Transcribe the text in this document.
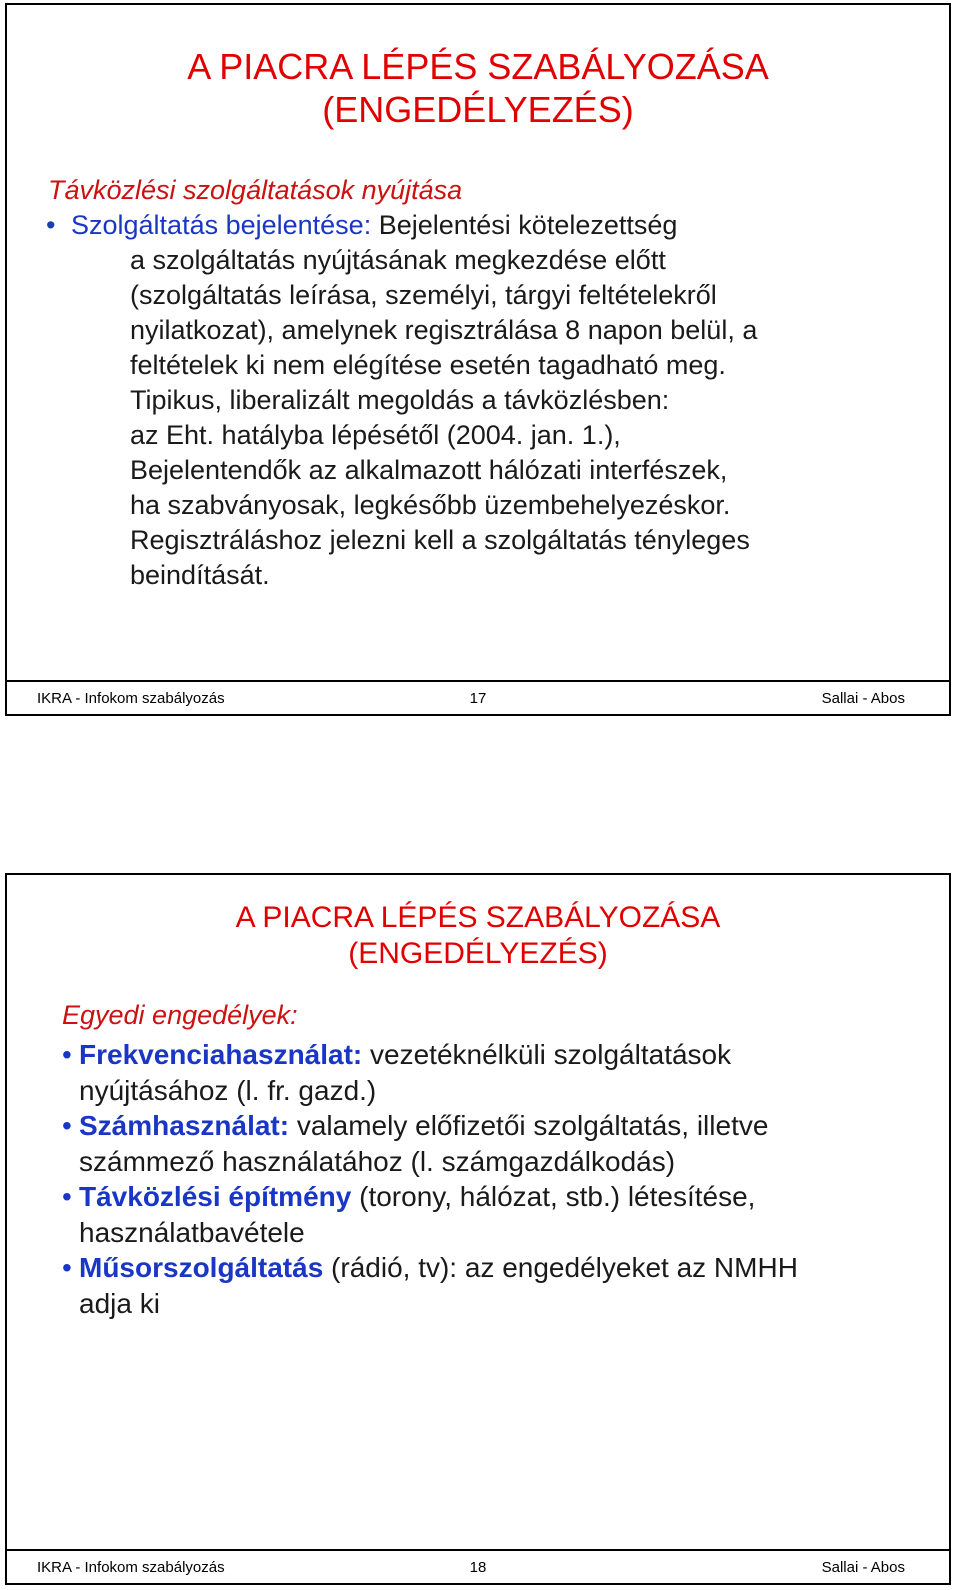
A PIACRA LÉPÉS SZABÁLYOZÁSA
(ENGEDÉLYEZÉS)
Távközlési szolgáltatások nyújtása
• Szolgáltatás bejelentése: Bejelentési kötelezettség
a szolgáltatás nyújtásának megkezdése előtt
(szolgáltatás leírása, személyi, tárgyi feltételekről
nyilatkozat), amelynek regisztrálása 8 napon belül, a
feltételek ki nem elégítése esetén tagadható meg.
Tipikus, liberalizált megoldás a távközlésben:
az Eht. hatályba lépésétől (2004. jan. 1.),
Bejelentendők az alkalmazott hálózati interfészek,
ha szabványosak, legkésőbb üzembehelyezéskor.
Regisztráláshoz jelezni kell a szolgáltatás tényleges
beindítását.
IKRA - Infokom szabályozás	17	Sallai - Abos
A PIACRA LÉPÉS SZABÁLYOZÁSA
(ENGEDÉLYEZÉS)
Egyedi engedélyek:
• Frekvenciahasználat: vezetéknélküli szolgáltatások
nyújtásához (l. fr. gazd.)
• Számhasználat: valamely előfizetői szolgáltatás, illetve
számmező használatához (l. számgazdálkodás)
• Távközlési építmény (torony, hálózat, stb.) létesítése,
használatbavétele
• Műsorszolgáltatás (rádió, tv): az engedélyeket az NMHH
adja ki
IKRA - Infokom szabályozás	18	Sallai - Abos
